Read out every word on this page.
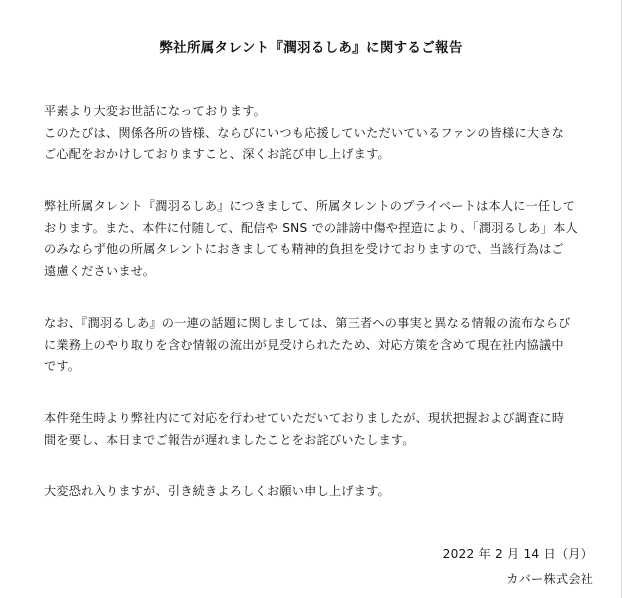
弊社所属タレント『潤羽るしあ』に関するご報告
平素より大変お世話になっております。
このたびは、関係各所の皆様、ならびにいつも応援していただいているファンの皆様に大きな
ご心配をおかけしておりますこと、深くお詫び申し上げます。
弊社所属タレント『潤羽るしあ』につきまして、所属タレントのプライベートは本人に一任して
おります。また、本件に付随して、配信や SNS での誹謗中傷や捏造により、「潤羽るしあ」本人
のみならず他の所属タレントにおきましても精神的負担を受けておりますので、当該行為はご
遠慮くださいませ。
なお、『潤羽るしあ』の一連の話題に関しましては、第三者への事実と異なる情報の流布ならび
に業務上のやり取りを含む情報の流出が見受けられたため、対応方策を含めて現在社内協議中
です。
本件発生時より弊社内にて対応を行わせていただいておりましたが、現状把握および調査に時
間を要し、本日までご報告が遅れましたことをお詫びいたします。
大変恐れ入りますが、引き続きよろしくお願い申し上げます。
2022 年 2 月 14 日（月）
カバー株式会社
